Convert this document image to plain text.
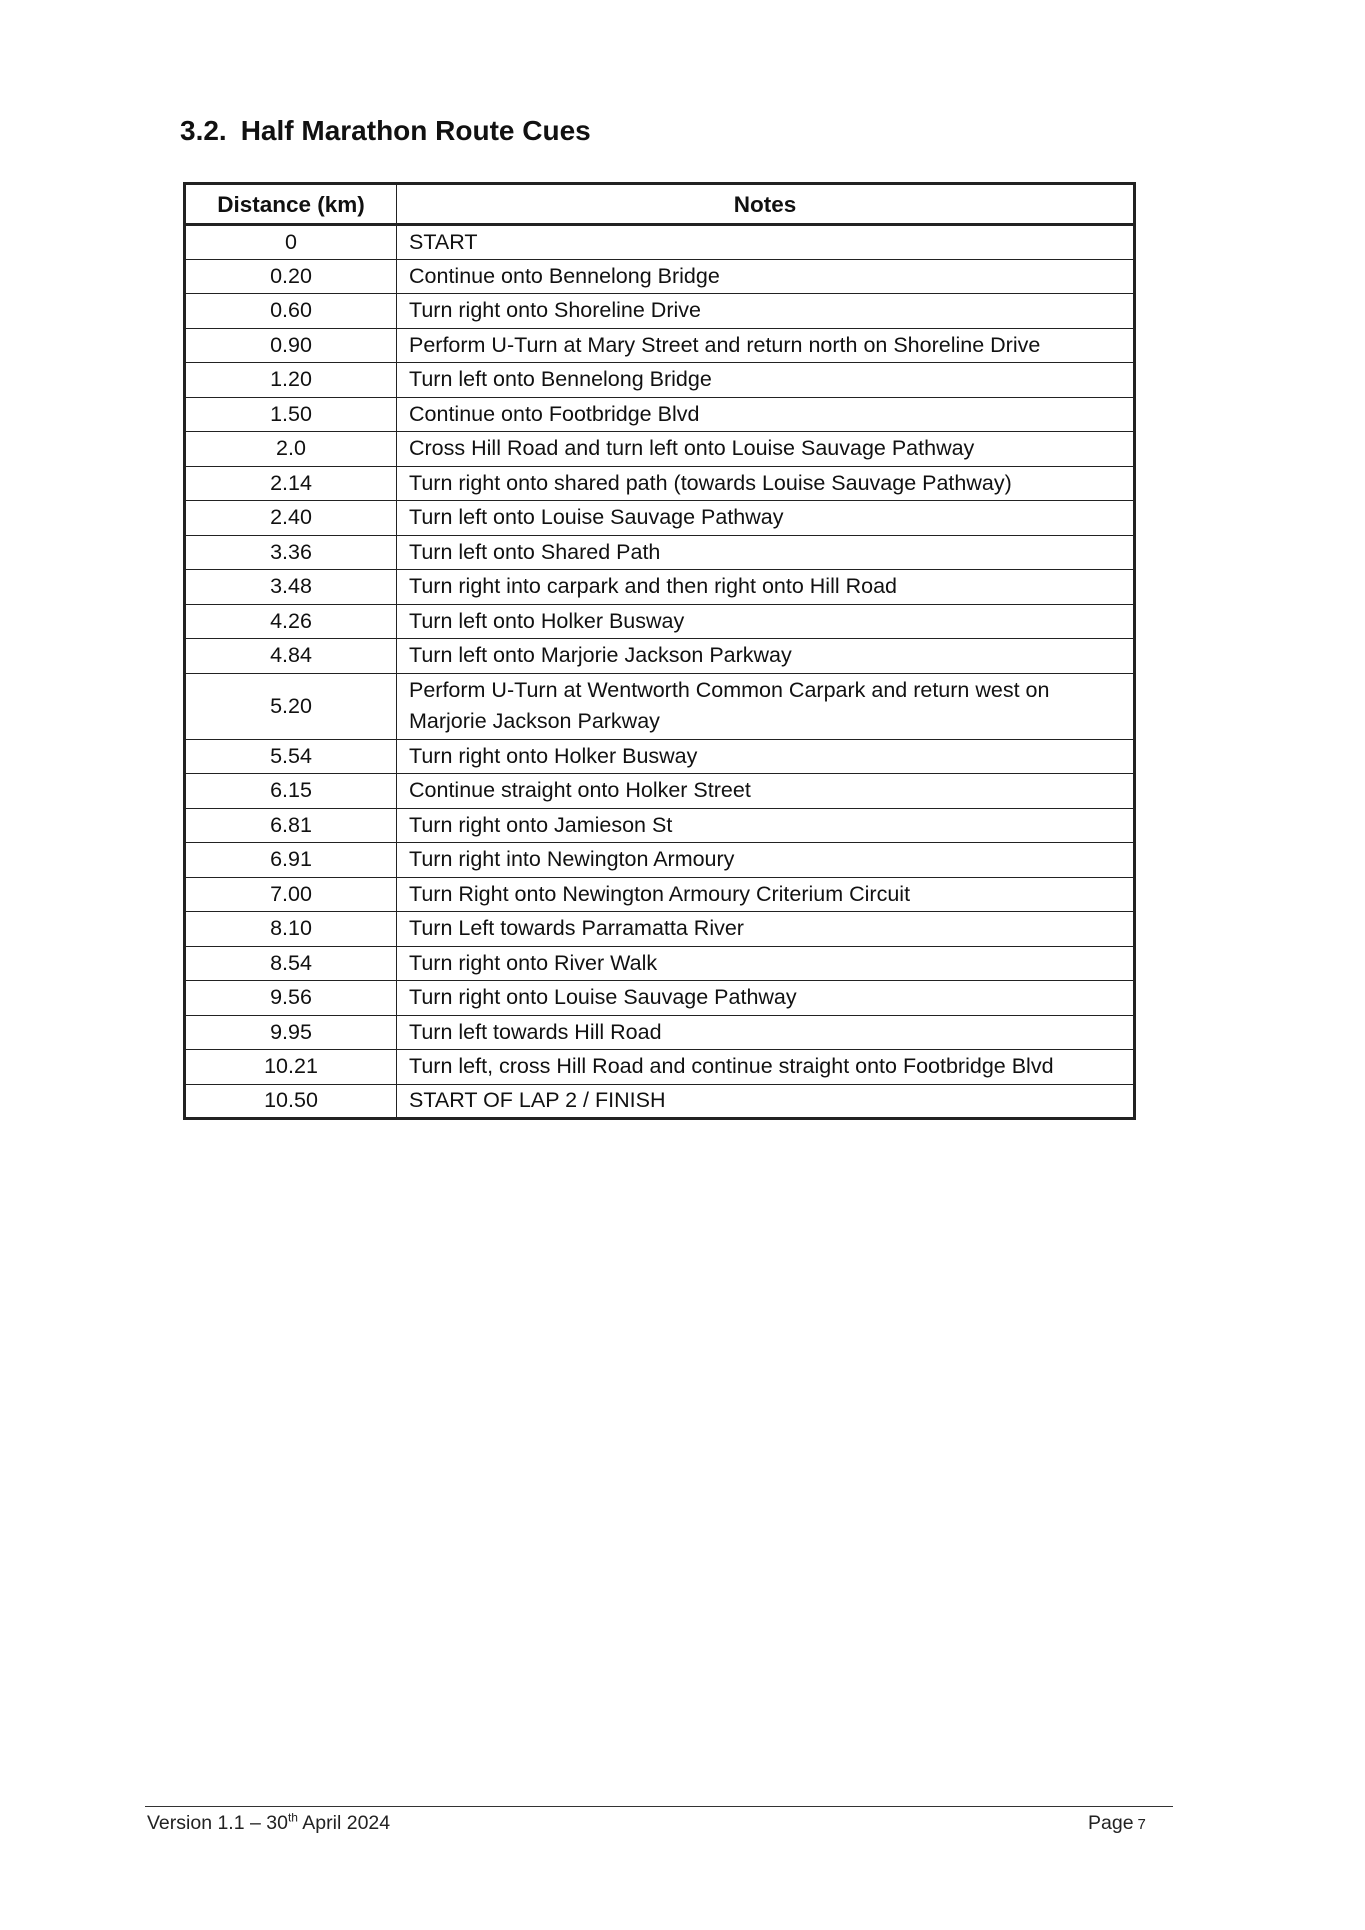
3.2. Half Marathon Route Cues
Distance (km)	Notes
0	START
0.20	Continue onto Bennelong Bridge
0.60	Turn right onto Shoreline Drive
0.90	Perform U-Turn at Mary Street and return north on Shoreline Drive
1.20	Turn left onto Bennelong Bridge
1.50	Continue onto Footbridge Blvd
2.0	Cross Hill Road and turn left onto Louise Sauvage Pathway
2.14	Turn right onto shared path (towards Louise Sauvage Pathway)
2.40	Turn left onto Louise Sauvage Pathway
3.36	Turn left onto Shared Path
3.48	Turn right into carpark and then right onto Hill Road
4.26	Turn left onto Holker Busway
4.84	Turn left onto Marjorie Jackson Parkway
5.20	Perform U-Turn at Wentworth Common Carpark and return west on Marjorie Jackson Parkway
5.54	Turn right onto Holker Busway
6.15	Continue straight onto Holker Street
6.81	Turn right onto Jamieson St
6.91	Turn right into Newington Armoury
7.00	Turn Right onto Newington Armoury Criterium Circuit
8.10	Turn Left towards Parramatta River
8.54	Turn right onto River Walk
9.56	Turn right onto Louise Sauvage Pathway
9.95	Turn left towards Hill Road
10.21	Turn left, cross Hill Road and continue straight onto Footbridge Blvd
10.50	START OF LAP 2 / FINISH
Version 1.1 – 30th April 2024	Page 7
